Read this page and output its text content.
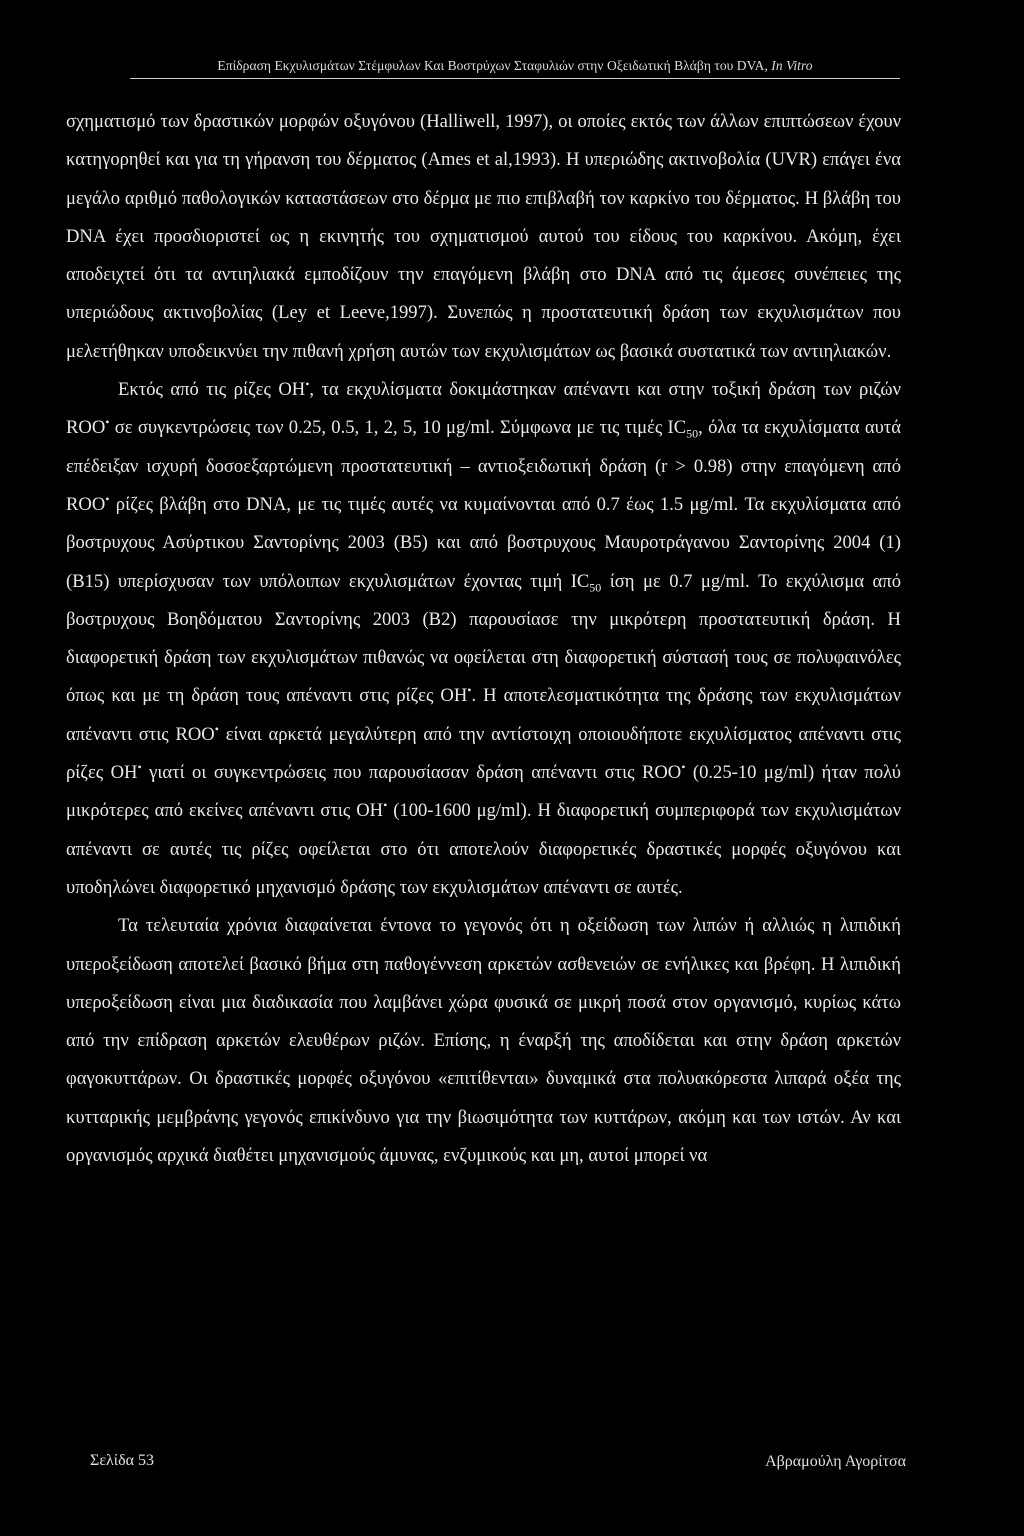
Επίδραση Εκχυλισμάτων Στέμφυλων Και Βοστρύχων Σταφυλιών στην Οξειδωτική Βλάβη του DVA, In Vitro

σχηματισμό των δραστικών μορφών οξυγόνου (Halliwell, 1997), οι οποίες εκτός των άλλων επιπτώσεων έχουν κατηγορηθεί και για τη γήρανση του δέρματος (Ames et al,1993). Η υπεριώδης ακτινοβολία (UVR) επάγει ένα μεγάλο αριθμό παθολογικών καταστάσεων στο δέρμα με πιο επιβλαβή τον καρκίνο του δέρματος. Η βλάβη του DNA έχει προσδιοριστεί ως η εκινητής του σχηματισμού αυτού του είδους του καρκίνου. Ακόμη, έχει αποδειχτεί ότι τα αντιηλιακά εμποδίζουν την επαγόμενη βλάβη στο DNA από τις άμεσες συνέπειες της υπεριώδους ακτινοβολίας (Ley et Leeve,1997). Συνεπώς η προστατευτική δράση των εκχυλισμάτων που μελετήθηκαν υποδεικνύει την πιθανή χρήση αυτών των εκχυλισμάτων ως βασικά συστατικά των αντιηλιακών.

Εκτός από τις ρίζες OH•, τα εκχυλίσματα δοκιμάστηκαν απέναντι και στην τοξική δράση των ριζών ROO• σε συγκεντρώσεις των 0.25, 0.5, 1, 2, 5, 10 μg/ml. Σύμφωνα με τις τιμές $IC_{50}$, όλα τα εκχυλίσματα αυτά επέδειξαν ισχυρή δοσοεξαρτώμενη προστατευτική – αντιοξειδωτική δράση (r > 0.98) στην επαγόμενη από ROO• ρίζες βλάβη στο DNA, με τις τιμές αυτές να κυμαίνονται από 0.7 έως 1.5 μg/ml. Τα εκχυλίσματα από βοστρυχους Ασύρτικου Σαντορίνης 2003 (B5) και από βοστρυχους Μαυροτράγανου Σαντορίνης 2004 (1) (B15) υπερίσχυσαν των υπόλοιπων εκχυλισμάτων έχοντας τιμή $IC_{50}$ ίση με 0.7 μg/ml. Το εκχύλισμα από βοστρυχους Βοηδόματου Σαντορίνης 2003 (B2) παρουσίασε την μικρότερη προστατευτική δράση. Η διαφορετική δράση των εκχυλισμάτων πιθανώς να οφείλεται στη διαφορετική σύστασή τους σε πολυφαινόλες όπως και με τη δράση τους απέναντι στις ρίζες OH•. Η αποτελεσματικότητα της δράσης των εκχυλισμάτων απέναντι στις ROO• είναι αρκετά μεγαλύτερη από την αντίστοιχη οποιουδήποτε εκχυλίσματος απέναντι στις ρίζες OH• γιατί οι συγκεντρώσεις που παρουσίασαν δράση απέναντι στις ROO• (0.25-10 μg/ml) ήταν πολύ μικρότερες από εκείνες απέναντι στις OH• (100-1600 μg/ml). Η διαφορετική συμπεριφορά των εκχυλισμάτων απέναντι σε αυτές τις ρίζες οφείλεται στο ότι αποτελούν διαφορετικές δραστικές μορφές οξυγόνου και υποδηλώνει διαφορετικό μηχανισμό δράσης των εκχυλισμάτων απέναντι σε αυτές.

Τα τελευταία χρόνια διαφαίνεται έντονα το γεγονός ότι η οξείδωση των λιπών ή αλλιώς η λιπιδική υπεροξείδωση αποτελεί βασικό βήμα στη παθογέννεση αρκετών ασθενειών σε ενήλικες και βρέφη. Η λιπιδική υπεροξείδωση είναι μια διαδικασία που λαμβάνει χώρα φυσικά σε μικρή ποσά στον οργανισμό, κυρίως κάτω από την επίδραση αρκετών ελευθέρων ριζών. Επίσης, η έναρξή της αποδίδεται και στην δράση αρκετών φαγοκυττάρων. Οι δραστικές μορφές οξυγόνου «επιτίθενται» δυναμικά στα πολυακόρεστα λιπαρά οξέα της κυτταρικής μεμβράνης γεγονός επικίνδυνο για την βιωσιμότητα των κυττάρων, ακόμη και των ιστών. Αν και οργανισμός αρχικά διαθέτει μηχανισμούς άμυνας, ενζυμικούς και μη, αυτοί μπορεί να

Σελίδα 53	Αβραμούλη Αγορίτσα
